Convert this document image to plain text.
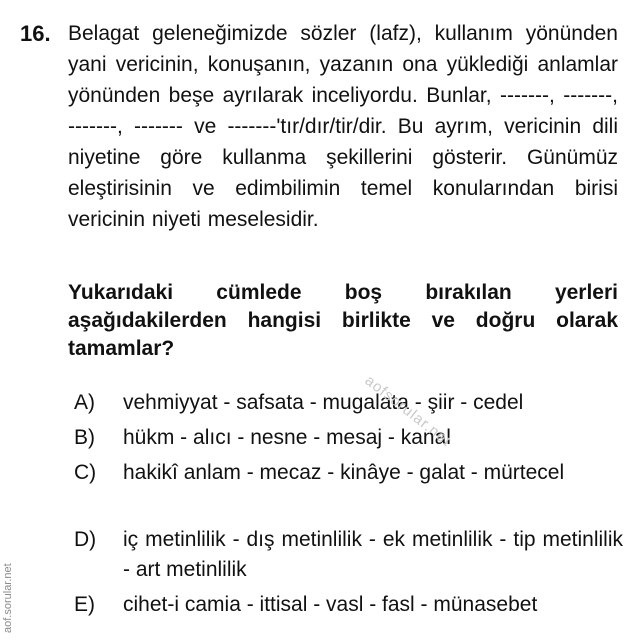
16. Belagat geleneğimizde sözler (lafz), kullanım yönünden yani vericinin, konuşanın, yazanın ona yüklediği anlamlar yönünden beşe ayrılarak inceliyordu. Bunlar, -------, -------, -------, ------- ve -------'tır/dır/tir/dir. Bu ayrım, vericinin dili niyetine göre kullanma şekillerini gösterir. Günümüz eleştirisinin ve edimbilimin temel konularından birisi vericinin niyeti meselesidir.
Yukarıdaki cümlede boş bırakılan yerleri aşağıdakilerden hangisi birlikte ve doğru olarak tamamlar?
A)	vehmiyyat - safsata - mugalata - şiir - cedel
B)	hükm - alıcı - nesne - mesaj - kanal
C)	hakikî anlam - mecaz - kinâye - galat - mürtecel
D)	iç metinlilik - dış metinlilik - ek metinlilik - tip metinlilik - art metinlilik
E)	cihet-i camia - ittisal - vasl - fasl - münasebet
aof.sorular.net
aofsorular.net
